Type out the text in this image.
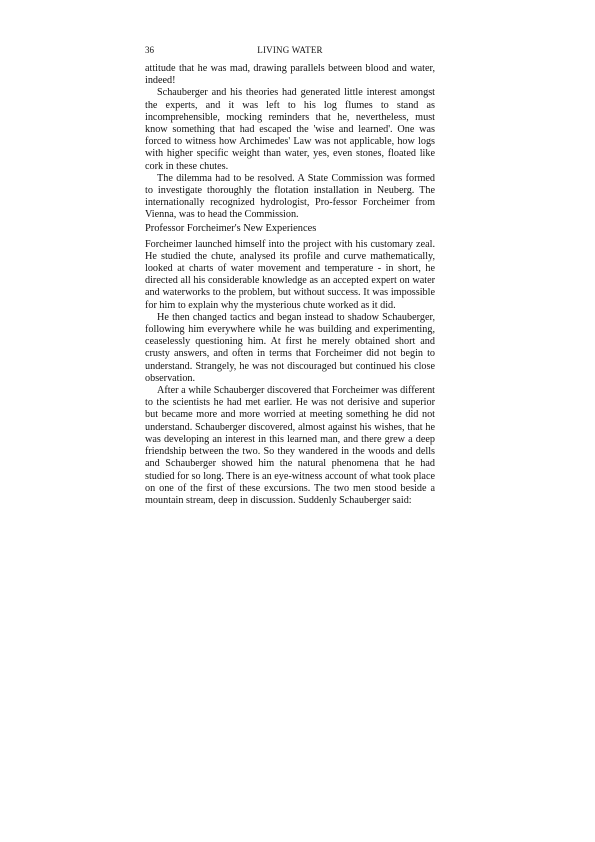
36	LIVING WATER

attitude that he was mad, drawing parallels between blood and water, indeed!

Schauberger and his theories had generated little interest amongst the experts, and it was left to his log flumes to stand as incomprehensible, mocking reminders that he, nevertheless, must know something that had escaped the 'wise and learned'. One was forced to witness how Archimedes' Law was not applicable, how logs with higher specific weight than water, yes, even stones, floated like cork in these chutes.

The dilemma had to be resolved. A State Commission was formed to investigate thoroughly the flotation installation in Neuberg. The internationally recognized hydrologist, Pro-fessor Forcheimer from Vienna, was to head the Commission.

Professor Forcheimer's New Experiences

Forcheimer launched himself into the project with his customary zeal. He studied the chute, analysed its profile and curve mathematically, looked at charts of water movement and temperature - in short, he directed all his considerable knowledge as an accepted expert on water and waterworks to the problem, but without success. It was impossible for him to explain why the mysterious chute worked as it did.

He then changed tactics and began instead to shadow Schauberger, following him everywhere while he was building and experimenting, ceaselessly questioning him. At first he merely obtained short and crusty answers, and often in terms that Forcheimer did not begin to understand. Strangely, he was not discouraged but continued his close observation.

After a while Schauberger discovered that Forcheimer was different to the scientists he had met earlier. He was not derisive and superior but became more and more worried at meeting something he did not understand. Schauberger discovered, almost against his wishes, that he was developing an interest in this learned man, and there grew a deep friendship between the two. So they wandered in the woods and dells and Schauberger showed him the natural phenomena that he had studied for so long. There is an eye-witness account of what took place on one of the first of these excursions. The two men stood beside a mountain stream, deep in discussion. Suddenly Schauberger said:
